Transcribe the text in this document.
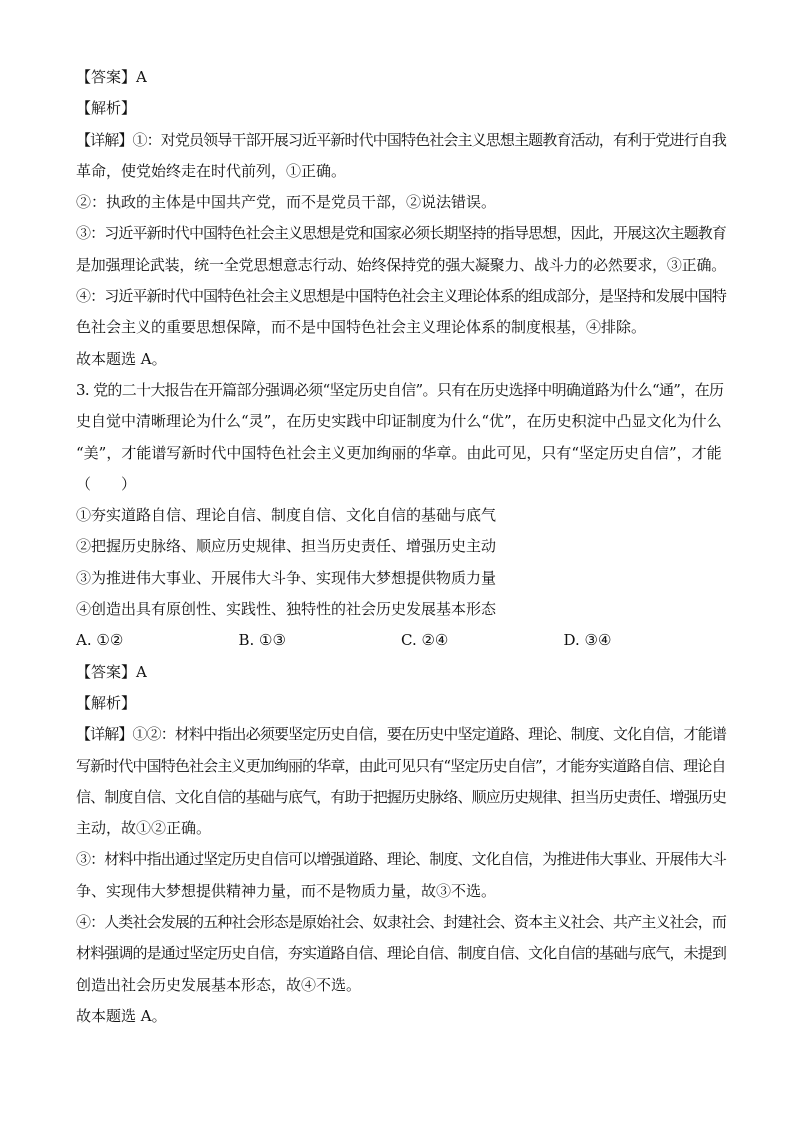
【答案】A

【解析】

【详解】①：对党员领导干部开展习近平新时代中国特色社会主义思想主题教育活动，有利于党进行自我

革命，使党始终走在时代前列，①正确。

②：执政的主体是中国共产党，而不是党员干部，②说法错误。

③：习近平新时代中国特色社会主义思想是党和国家必须长期坚持的指导思想，因此，开展这次主题教育

是加强理论武装，统一全党思想意志行动、始终保持党的强大凝聚力、战斗力的必然要求，③正确。

④：习近平新时代中国特色社会主义思想是中国特色社会主义理论体系的组成部分，是坚持和发展中国特

色社会主义的重要思想保障，而不是中国特色社会主义理论体系的制度根基，④排除。

故本题选 A。

3. 党的二十大报告在开篇部分强调必须“坚定历史自信”。只有在历史选择中明确道路为什么“通”，在历

史自觉中清晰理论为什么“灵”，在历史实践中印证制度为什么“优”，在历史积淀中凸显文化为什么

“美”，才能谱写新时代中国特色社会主义更加绚丽的华章。由此可见，只有“坚定历史自信”，才能

（　　）

①夯实道路自信、理论自信、制度自信、文化自信的基础与底气

②把握历史脉络、顺应历史规律、担当历史责任、增强历史主动

③为推进伟大事业、开展伟大斗争、实现伟大梦想提供物质力量

④创造出具有原创性、实践性、独特性的社会历史发展基本形态

A. ①②	B. ①③	C. ②④	D. ③④

【答案】A

【解析】

【详解】①②：材料中指出必须要坚定历史自信，要在历史中坚定道路、理论、制度、文化自信，才能谱

写新时代中国特色社会主义更加绚丽的华章，由此可见只有“坚定历史自信”，才能夯实道路自信、理论自

信、制度自信、文化自信的基础与底气，有助于把握历史脉络、顺应历史规律、担当历史责任、增强历史

主动，故①②正确。

③：材料中指出通过坚定历史自信可以增强道路、理论、制度、文化自信，为推进伟大事业、开展伟大斗

争、实现伟大梦想提供精神力量，而不是物质力量，故③不选。

④：人类社会发展的五种社会形态是原始社会、奴隶社会、封建社会、资本主义社会、共产主义社会，而

材料强调的是通过坚定历史自信，夯实道路自信、理论自信、制度自信、文化自信的基础与底气，未提到

创造出社会历史发展基本形态，故④不选。

故本题选 A。
